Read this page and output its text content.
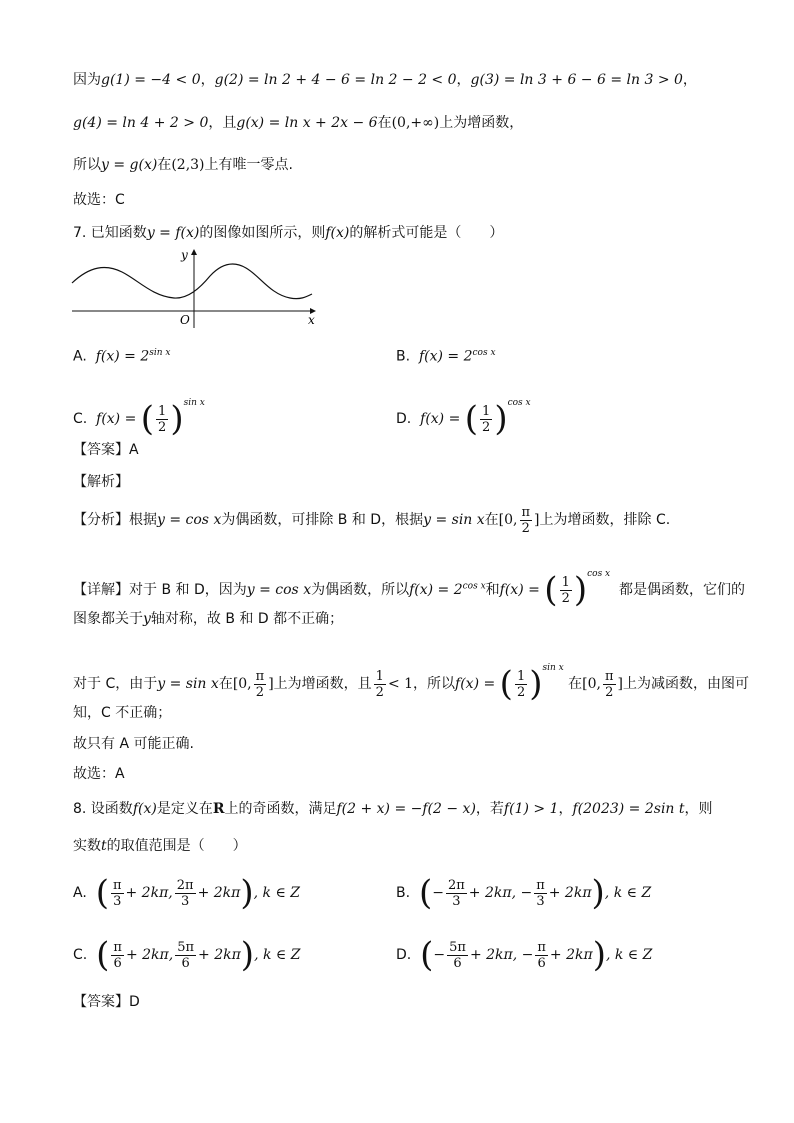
因为g(1) = −4 < 0，g(2) = ln 2 + 4 − 6 = ln 2 − 2 < 0，g(3) = ln 3 + 6 − 6 = ln 3 > 0，
g(4) = ln 4 + 2 > 0，且g(x) = ln x + 2x − 6在(0,+∞)上为增函数，
所以y = g(x)在(2,3)上有唯一零点.
故选：C
7. 已知函数y = f(x)的图像如图所示，则f(x)的解析式可能是（　　）
y
x
O
A. $f(x) = 2^{sin x}$	B. $f(x) = 2^{cos x}$
C. f(x) = ( $\frac{1}{2} )^{sin x}$
D. f(x) = ( $\frac{1}{2} )^{cos x}$
【答案】A
【解析】
【分析】根据y = cos x为偶函数，可排除 B 和 D，根据y = sin x在[0, $\frac{\pi}{2}$ ]上为增函数，排除 C.
【详解】对于 B 和 D，因为y = cos x为偶函数，所以$f(x) = 2^{cos x}$和f(x) = ( $\frac{1}{2} )^{cos x}$  都是偶函数，它们的
图象都关于y轴对称，故 B 和 D 都不正确；
对于 C，由于y = sin x在[0, $\frac{\pi}{2}$ ]上为增函数，且 $\frac{1}{2} < 1$，所以f(x) = ( $\frac{1}{2} )^{sin x}$ 在[0, $\frac{\pi}{2}$ ]上为减函数，由图可
知，C 不正确；
故只有 A 可能正确.
故选：A
8. 设函数f(x)是定义在R上的奇函数，满足f(2 + x) = −f(2 − x)，若f(1) > 1，f(2023) = 2sin t，则
实数t的取值范围是（　　）
A. ( $\frac{\pi}{3} + 2k\pi$, $\frac{2\pi}{3} + 2k\pi$), k ∈ Z	B. (− $\frac{2\pi}{3} + 2k\pi$, − $\frac{\pi}{3} + 2k\pi$), k ∈ Z
C. ( $\frac{\pi}{6} + 2k\pi$, $\frac{5\pi}{6} + 2k\pi$), k ∈ Z	D. (− $\frac{5\pi}{6} + 2k\pi$, − $\frac{\pi}{6} + 2k\pi$), k ∈ Z
【答案】D
